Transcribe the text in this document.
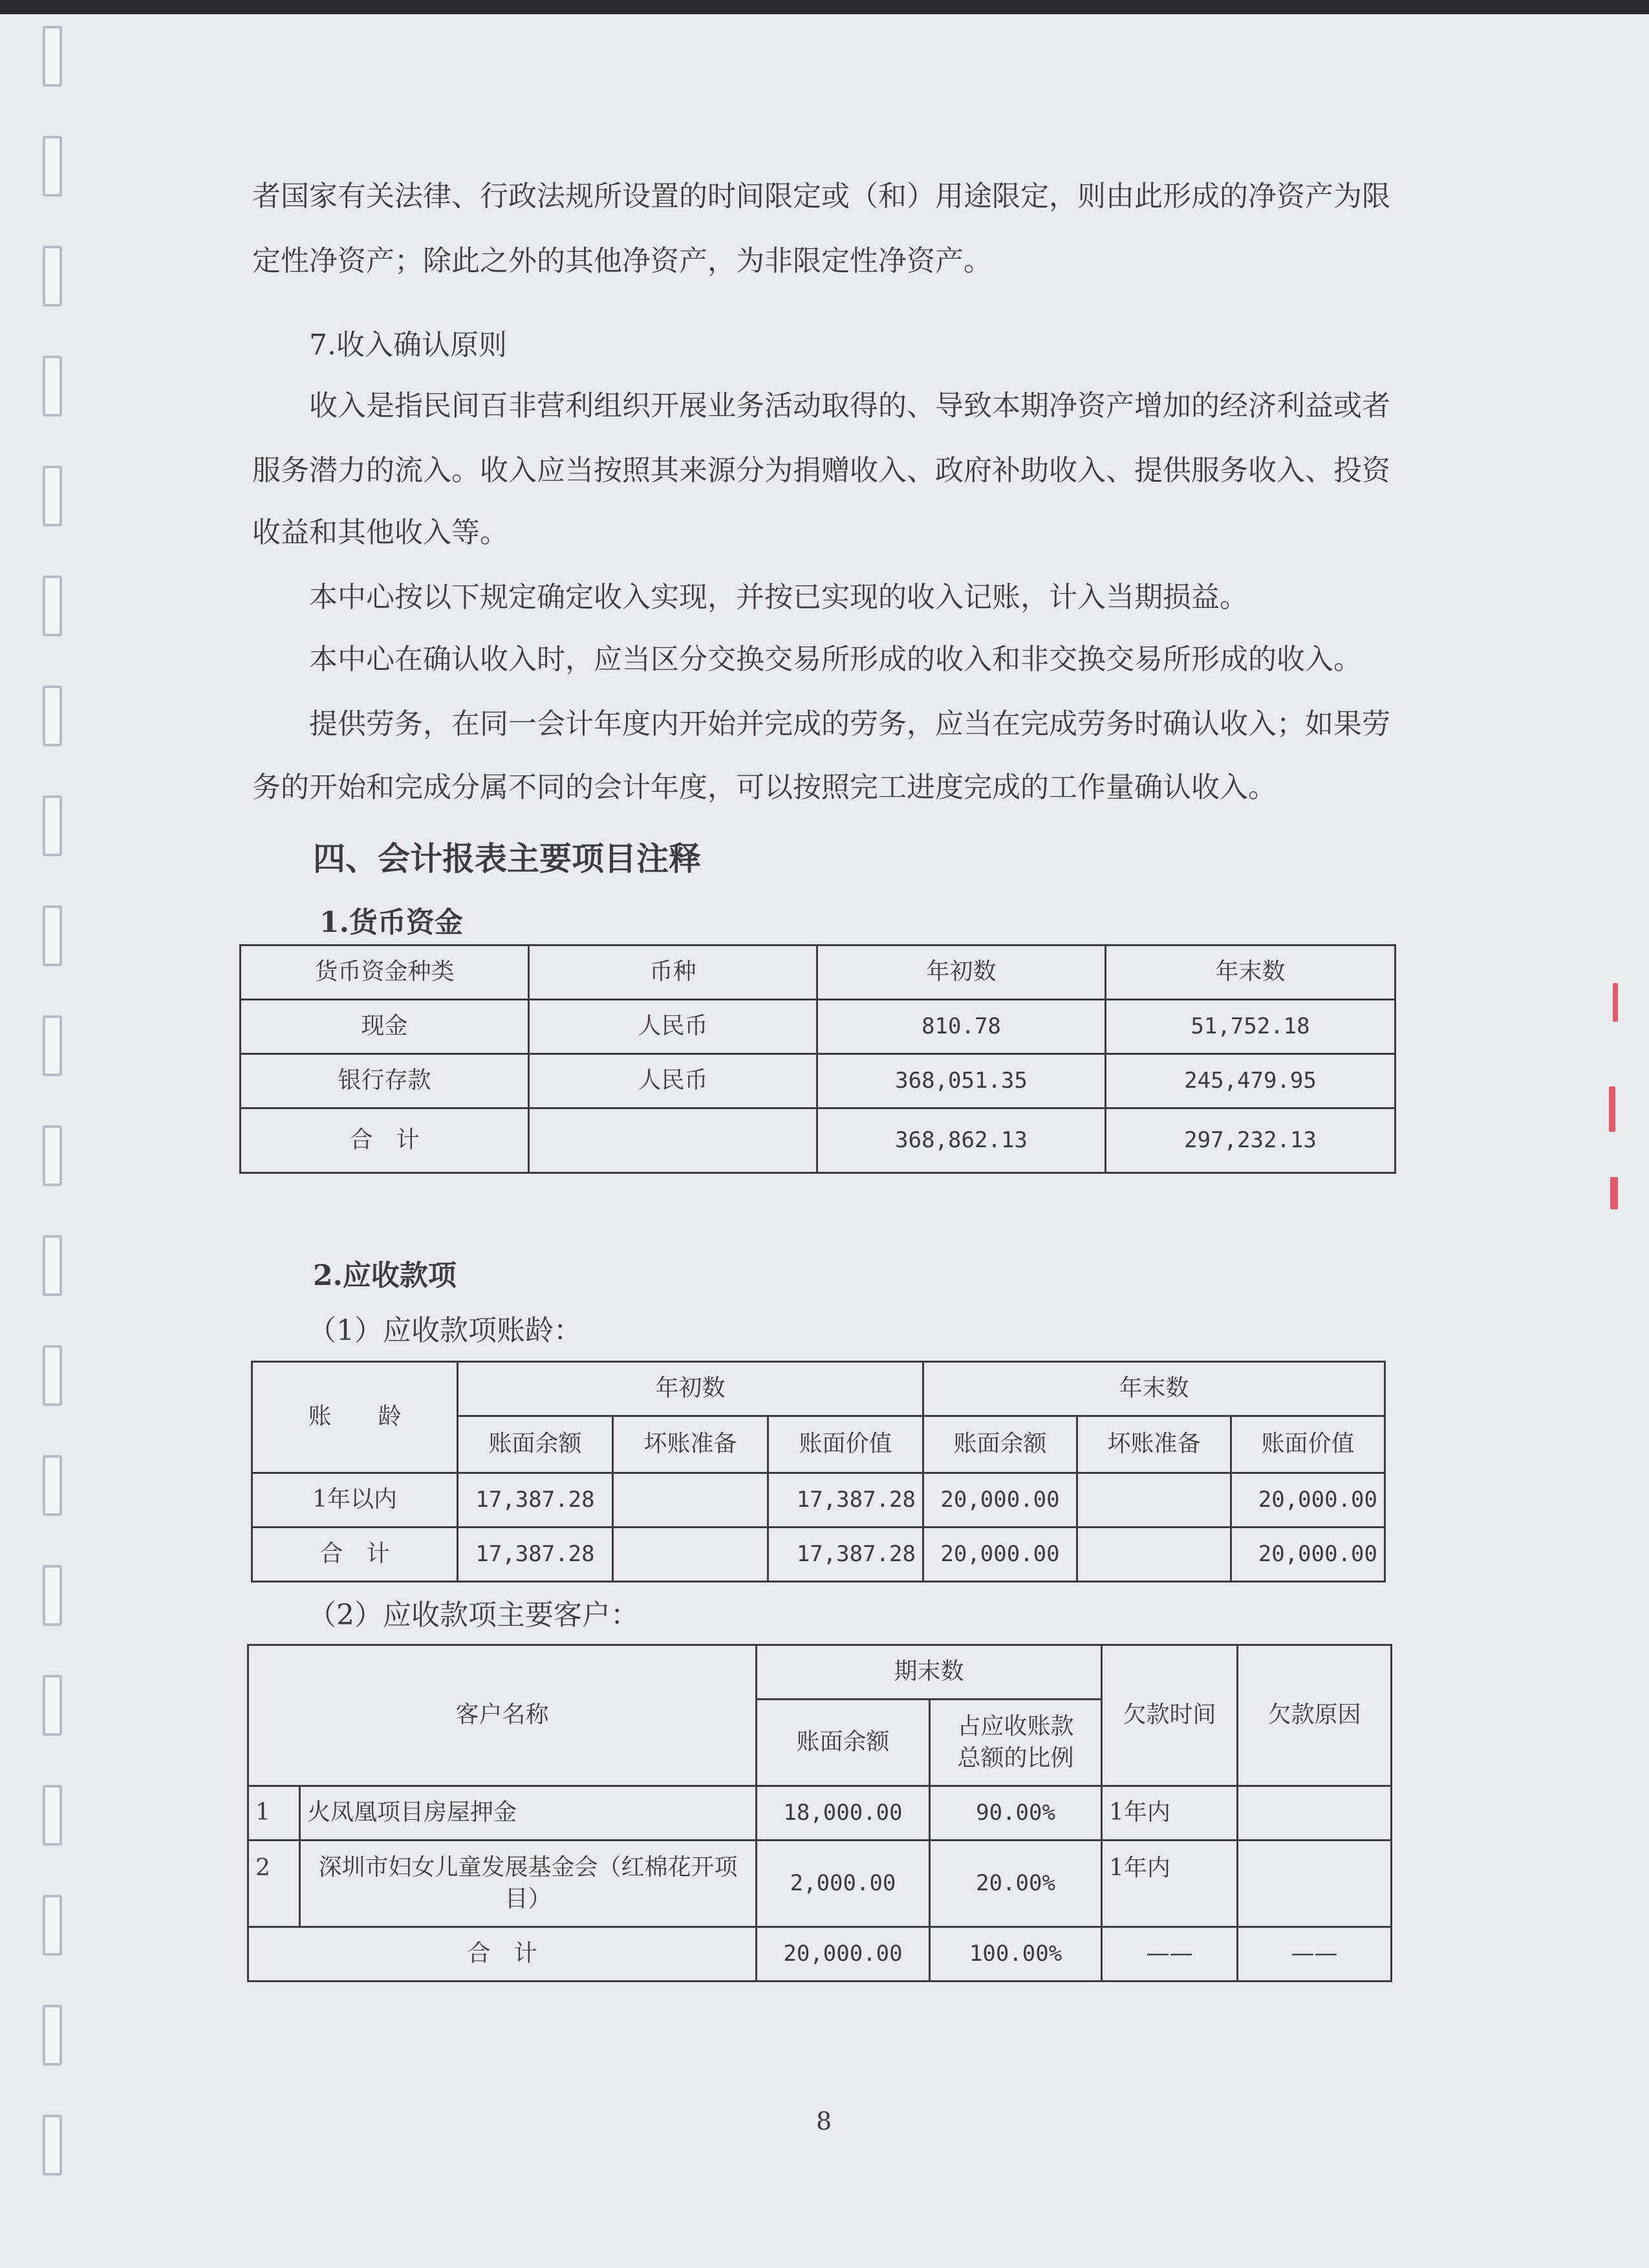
者国家有关法律、行政法规所设置的时间限定或（和）用途限定，则由此形成的净资产为限
定性净资产；除此之外的其他净资产，为非限定性净资产。
7.收入确认原则
收入是指民间百非营利组织开展业务活动取得的、导致本期净资产增加的经济利益或者
服务潜力的流入。收入应当按照其来源分为捐赠收入、政府补助收入、提供服务收入、投资
收益和其他收入等。
本中心按以下规定确定收入实现，并按已实现的收入记账，计入当期损益。
本中心在确认收入时，应当区分交换交易所形成的收入和非交换交易所形成的收入。
提供劳务，在同一会计年度内开始并完成的劳务，应当在完成劳务时确认收入；如果劳
务的开始和完成分属不同的会计年度，可以按照完工进度完成的工作量确认收入。
四、会计报表主要项目注释
1.货币资金
货币资金种类	币种	年初数	年末数
现金	人民币	810.78	51,752.18
银行存款	人民币	368,051.35	245,479.95
合　计		368,862.13	297,232.13
2.应收款项
（1）应收款项账龄：
账　　龄	年初数			年末数		
	账面余额	坏账准备	账面价值	账面余额	坏账准备	账面价值
1年以内	17,387.28		17,387.28	20,000.00		20,000.00
合　计	17,387.28		17,387.28	20,000.00		20,000.00
（2）应收款项主要客户：
客户名称		期末数		欠款时间	欠款原因
		账面余额	占应收账款总额的比例		
1	火凤凰项目房屋押金	18,000.00	90.00%	1年内	
2	深圳市妇女儿童发展基金会（红棉花开项目）	2,000.00	20.00%	1年内	
合　计		20,000.00	100.00%	——	——
8
